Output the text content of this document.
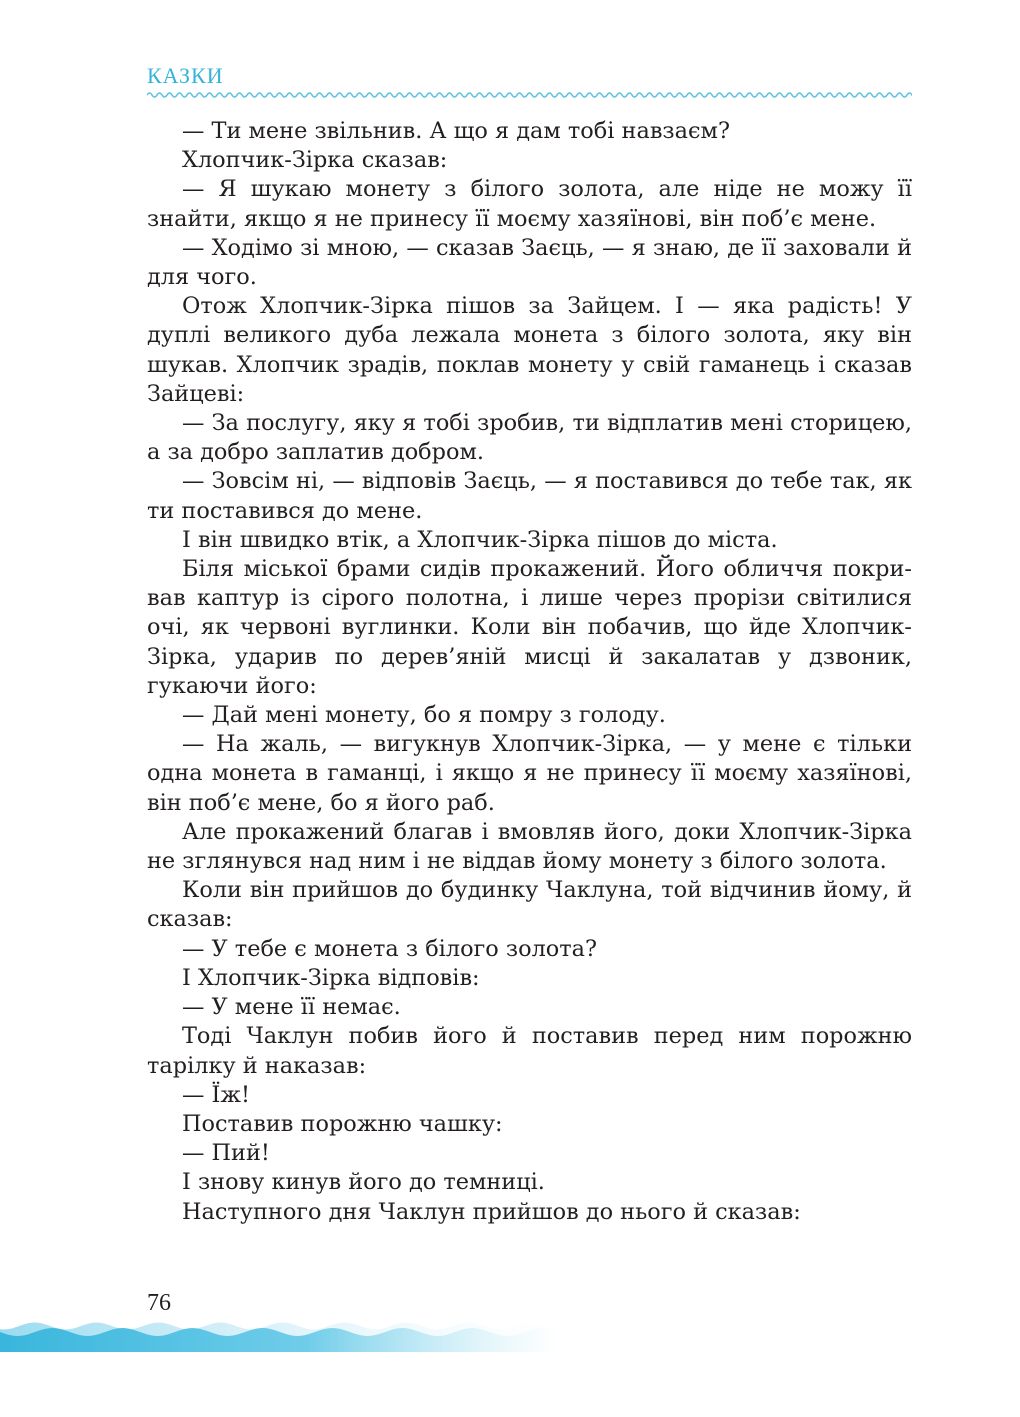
КАЗКИ

— Ти мене звільнив. А що я дам тобі навзаєм?

Хлопчик-Зірка сказав:

— Я шукаю монету з білого золота, але ніде не можу її знайти, якщо я не принесу її моєму хазяїнові, він поб’є мене.

— Ходімо зі мною, — сказав Заєць, — я знаю, де її заховали й для чого.

Отож Хлопчик-Зірка пішов за Зайцем. І — яка радість! У дуплі великого дуба лежала монета з білого золота, яку він шукав. Хлопчик зрадів, поклав монету у свій гаманець і сказав Зайцеві:

— За послугу, яку я тобі зробив, ти відплатив мені сторицею, а за добро заплатив добром.

— Зовсім ні, — відповів Заєць, — я поставився до тебе так, як ти поставився до мене.

І він швидко втік, а Хлопчик-Зірка пішов до міста.

Біля міської брами сидів прокажений. Його обличчя покривав каптур із сірого полотна, і лише через прорізи світилися очі, як червоні вуглинки. Коли він побачив, що йде Хлопчик-Зірка, ударив по дерев’яній мисці й закалатав у дзвоник, гукаючи його:

— Дай мені монету, бо я помру з голоду.

— На жаль, — вигукнув Хлопчик-Зірка, — у мене є тільки одна монета в гаманці, і якщо я не принесу її моєму хазяїнові, він поб’є мене, бо я його раб.

Але прокажений благав і вмовляв його, доки Хлопчик-Зірка не зглянувся над ним і не віддав йому монету з білого золота.

Коли він прийшов до будинку Чаклуна, той відчинив йому, й сказав:

— У тебе є монета з білого золота?

І Хлопчик-Зірка відповів:

— У мене її немає.

Тоді Чаклун побив його й поставив перед ним порожню тарілку й наказав:

— Їж!

Поставив порожню чашку:

— Пий!

І знову кинув його до темниці.

Наступного дня Чаклун прийшов до нього й сказав:

76
